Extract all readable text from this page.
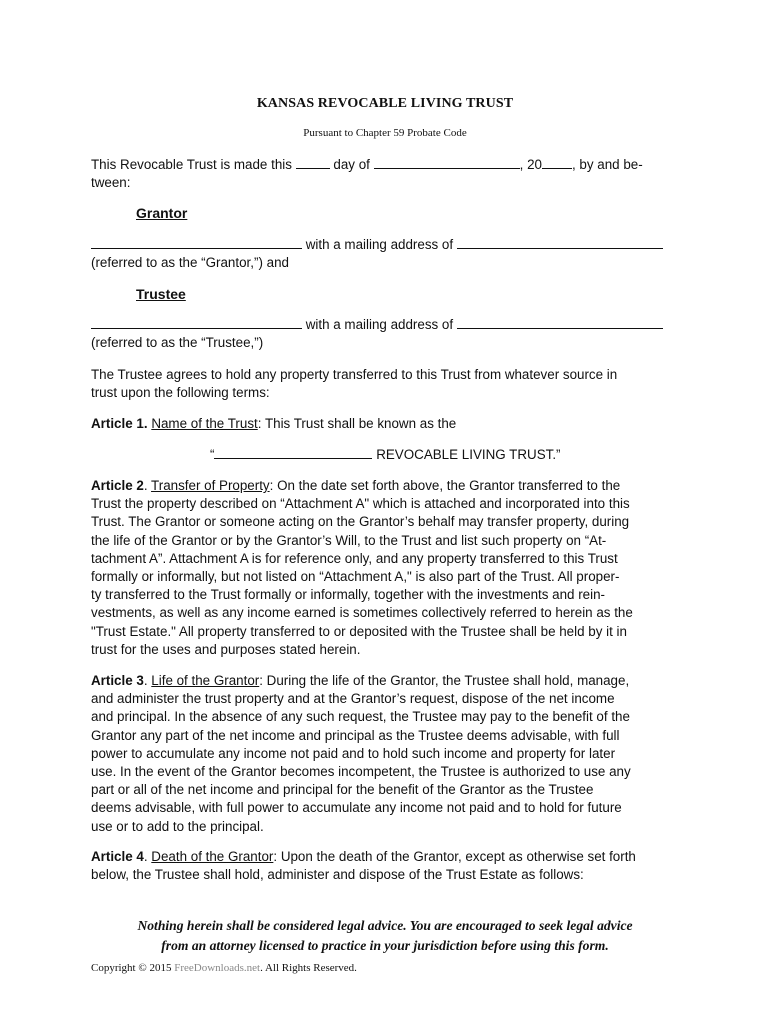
KANSAS REVOCABLE LIVING TRUST
Pursuant to Chapter 59 Probate Code
This Revocable Trust is made this	day of	, 20 , by and be-
tween:
Grantor
with a mailing address of
(referred to as the “Grantor,”) and
Trustee
with a mailing address of
(referred to as the “Trustee,”)
The Trustee agrees to hold any property transferred to this Trust from whatever source in
trust upon the following terms:
Article 1. Name of the Trust: This Trust shall be known as the
“	REVOCABLE LIVING TRUST.”
Article 2. Transfer of Property: On the date set forth above, the Grantor transferred to the
Trust the property described on “Attachment A" which is attached and incorporated into this
Trust. The Grantor or someone acting on the Grantor’s behalf may transfer property, during
the life of the Grantor or by the Grantor’s Will, to the Trust and list such property on “At-
tachment A”. Attachment A is for reference only, and any property transferred to this Trust
formally or informally, but not listed on “Attachment A," is also part of the Trust. All proper-
ty transferred to the Trust formally or informally, together with the investments and rein-
vestments, as well as any income earned is sometimes collectively referred to herein as the
"Trust Estate." All property transferred to or deposited with the Trustee shall be held by it in
trust for the uses and purposes stated herein.
Article 3. Life of the Grantor: During the life of the Grantor, the Trustee shall hold, manage,
and administer the trust property and at the Grantor’s request, dispose of the net income
and principal. In the absence of any such request, the Trustee may pay to the benefit of the
Grantor any part of the net income and principal as the Trustee deems advisable, with full
power to accumulate any income not paid and to hold such income and property for later
use. In the event of the Grantor becomes incompetent, the Trustee is authorized to use any
part or all of the net income and principal for the benefit of the Grantor as the Trustee
deems advisable, with full power to accumulate any income not paid and to hold for future
use or to add to the principal.
Article 4. Death of the Grantor: Upon the death of the Grantor, except as otherwise set forth
below, the Trustee shall hold, administer and dispose of the Trust Estate as follows:
Nothing herein shall be considered legal advice. You are encouraged to seek legal advice
from an attorney licensed to practice in your jurisdiction before using this form.
Copyright © 2015 FreeDownloads.net. All Rights Reserved.
